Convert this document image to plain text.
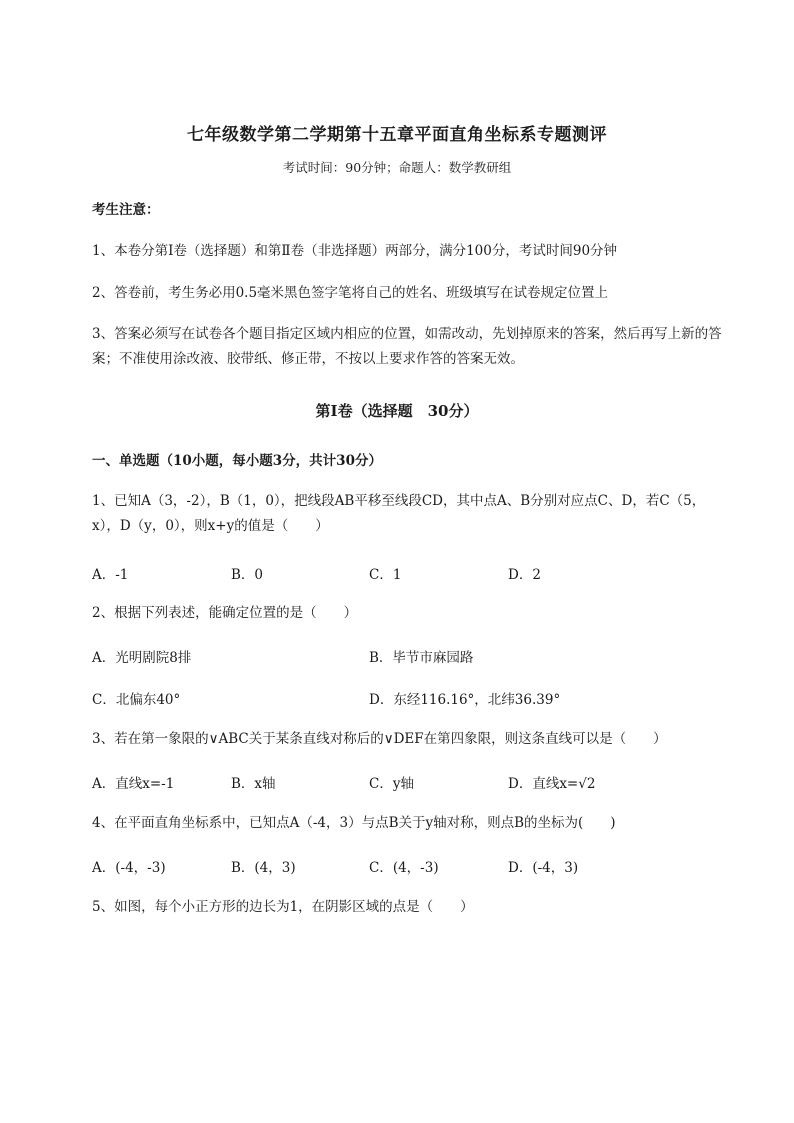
七年级数学第二学期第十五章平面直角坐标系专题测评
考试时间：90分钟；命题人：数学教研组
考生注意：
1、本卷分第I卷（选择题）和第Ⅱ卷（非选择题）两部分，满分100分，考试时间90分钟
2、答卷前，考生务必用0.5毫米黑色签字笔将自己的姓名、班级填写在试卷规定位置上
3、答案必须写在试卷各个题目指定区域内相应的位置，如需改动，先划掉原来的答案，然后再写上新的答案；不准使用涂改液、胶带纸、修正带，不按以上要求作答的答案无效。
第I卷（选择题　30分）
一、单选题（10小题，每小题3分，共计30分）
1、已知A（3，-2），B（1，0），把线段AB平移至线段CD，其中点A、B分别对应点C、D，若C（5，x），D（y，0），则x+y的值是（　　）
A．-1	B．0	C．1	D．2
2、根据下列表述，能确定位置的是（　　）
A．光明剧院8排	B．毕节市麻园路
C．北偏东40°	D．东经116.16°，北纬36.39°
3、若在第一象限的∨ABC关于某条直线对称后的∨DEF在第四象限，则这条直线可以是（　　）
A．直线x=-1	B．x轴	C．y轴	D．直线x=√2
4、在平面直角坐标系中，已知点A（-4，3）与点B关于y轴对称，则点B的坐标为(　　)
A．(-4，-3)	B．(4，3)	C．(4，-3)	D．(-4，3)
5、如图，每个小正方形的边长为1，在阴影区域的点是（　　）
